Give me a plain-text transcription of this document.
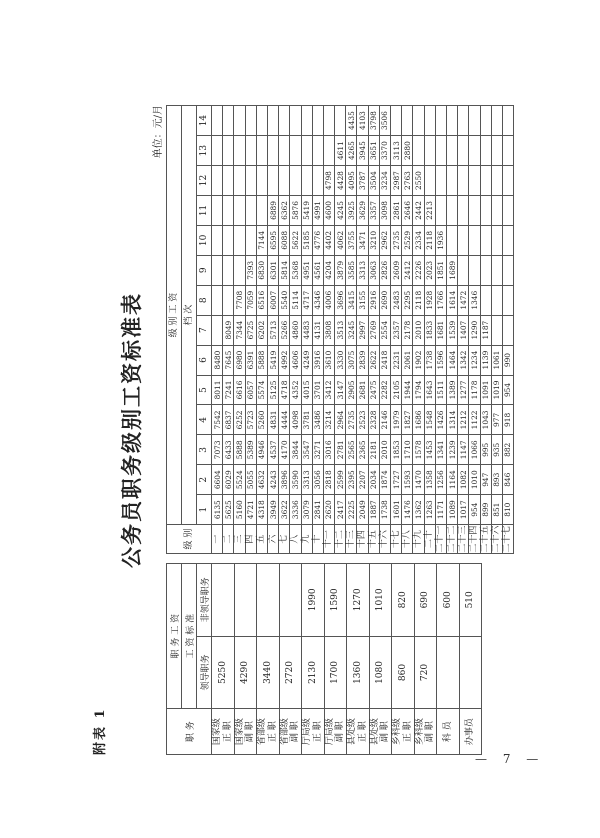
— 7 —
附表 1
公务员职务级别工资标准表
单位：元/月
职 务	职 务 工 资	
	工 资 标 准	
	领导职务	非领导职务

国家级 正 职	5250	

国家级 副 职	4290	

省部级 正 职	3440	

省部级 副 职	2720	

厅局级 正 职	2130	1990

厅局级 副 职	1700	1590

县处级 正 职	1360	1270

县处级 副 职	1080	1010

乡科级 正 职	860	820

乡科级 副 职	720	690

科 员		600

办事员		510
级 别	级 别 工 资													
	档 次													
	1	2	3	4	5	6	7	8	9	10	11	12	13	14
一	6135	6604	7073	7542	8011	8480								
二	5625	6029	6433	6837	7241	7645	8049							
三	5160	5524	5888	6252	6616	6980	7344	7708						
四	4721	5055	5389	5723	6057	6391	6725	7059	7393					
五	4318	4632	4946	5260	5574	5888	6202	6516	6830	7144				
六	3949	4243	4537	4831	5125	5419	5713	6007	6301	6595	6889			
七	3622	3896	4170	4444	4718	4992	5266	5540	5814	6088	6362			
八	3336	3590	3844	4098	4352	4606	4860	5114	5368	5622	5876			
九	3079	3313	3547	3781	4015	4249	4483	4717	4951	5185	5419			
十	2841	3056	3271	3486	3701	3916	4131	4346	4561	4776	4991			
十一	2620	2818	3016	3214	3412	3610	3808	4006	4204	4402	4600	4798		
十二	2417	2599	2781	2964	3147	3330	3513	3696	3879	4062	4245	4428	4611	
十三	2225	2395	2565	2735	2905	3075	3245	3415	3585	3755	3925	4095	4265	4435
十四	2049	2207	2365	2523	2681	2839	2997	3155	3313	3471	3629	3787	3945	4103
十五	1887	2034	2181	2328	2475	2622	2769	2916	3063	3210	3357	3504	3651	3798
十六	1738	1874	2010	2146	2282	2418	2554	2690	2826	2962	3098	3234	3370	3506
十七	1601	1727	1853	1979	2105	2231	2357	2483	2609	2735	2861	2987	3113	
十八	1476	1593	1710	1827	1944	2061	2178	2295	2412	2529	2646	2763	2880	
十九	1362	1470	1578	1686	1794	1902	2010	2118	2226	2334	2442	2550		
二十	1263	1358	1453	1548	1643	1738	1833	1928	2023	2118	2213			
二十一	1171	1256	1341	1426	1511	1596	1681	1766	1851	1936				
二十二	1089	1164	1239	1314	1389	1464	1539	1614	1689					
二十三	1017	1082	1147	1212	1277	1342	1407	1472						
二十四	954	1010	1066	1122	1178	1234	1290	1346						
二十五	899	947	995	1043	1091	1139	1187							
二十六	851	893	935	977	1019	1061								
二十七	810	846	882	918	954	990								
